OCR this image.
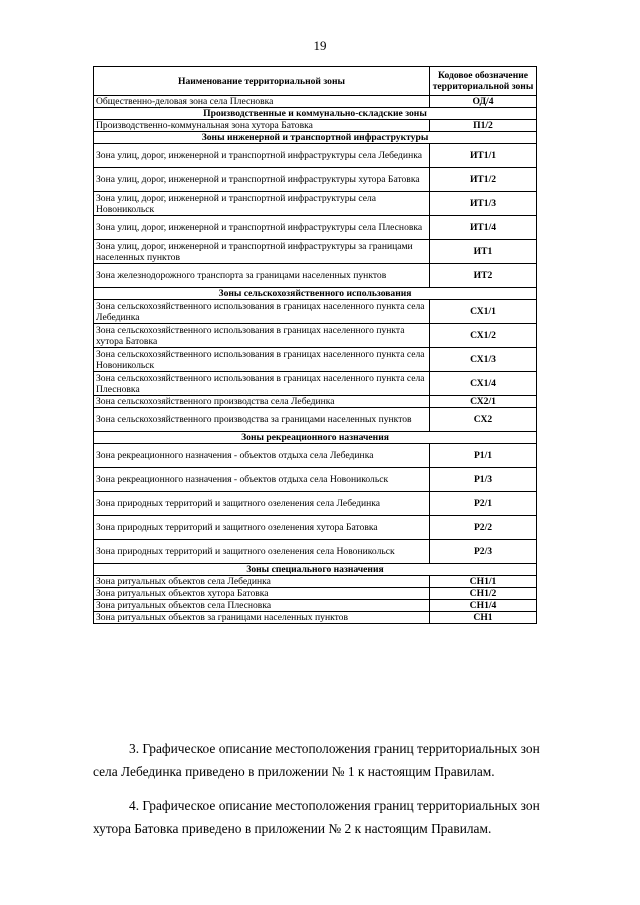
19
Наименование территориальной зоны	Кодовое обозначение территориальной зоны
Общественно-деловая зона села Плесновка	ОД/4
Производственные и коммунально-складские зоны	
Производственно-коммунальная зона хутора Батовка	П1/2
Зоны инженерной и транспортной инфраструктуры	
Зона улиц, дорог, инженерной и транспортной инфраструктуры села Лебединка	ИТ1/1
Зона улиц, дорог, инженерной и транспортной инфраструктуры хутора Батовка	ИТ1/2
Зона улиц, дорог, инженерной и транспортной инфраструктуры села Новоникольск	ИТ1/3
Зона улиц, дорог, инженерной и транспортной инфраструктуры села Плесновка	ИТ1/4
Зона улиц, дорог, инженерной и транспортной инфраструктуры за границами населенных пунктов	ИТ1
Зона железнодорожного транспорта за границами населенных пунктов	ИТ2
Зоны сельскохозяйственного использования	
Зона сельскохозяйственного использования в границах населенного пункта села Лебединка	СХ1/1
Зона сельскохозяйственного использования в границах населенного пункта хутора Батовка	СХ1/2
Зона сельскохозяйственного использования в границах населенного пункта села Новоникольск	СХ1/3
Зона сельскохозяйственного использования в границах населенного пункта села Плесновка	СХ1/4
Зона сельскохозяйственного производства села Лебединка	СХ2/1
Зона сельскохозяйственного производства за границами населенных пунктов	СХ2
Зоны рекреационного назначения	
Зона рекреационного назначения - объектов отдыха села Лебединка	Р1/1
Зона рекреационного назначения - объектов отдыха села Новоникольск	Р1/3
Зона природных территорий и защитного озеленения села Лебединка	Р2/1
Зона природных территорий и защитного озеленения хутора Батовка	Р2/2
Зона природных территорий и защитного озеленения села Новоникольск	Р2/3
Зоны специального назначения	
Зона ритуальных объектов села Лебединка	СН1/1
Зона ритуальных объектов хутора Батовка	СН1/2
Зона ритуальных объектов села Плесновка	СН1/4
Зона ритуальных объектов за границами населенных пунктов	СН1

3. Графическое описание местоположения границ территориальных зон села Лебединка приведено в приложении № 1 к настоящим Правилам.

4. Графическое описание местоположения границ территориальных зон хутора Батовка приведено в приложении № 2 к настоящим Правилам.
